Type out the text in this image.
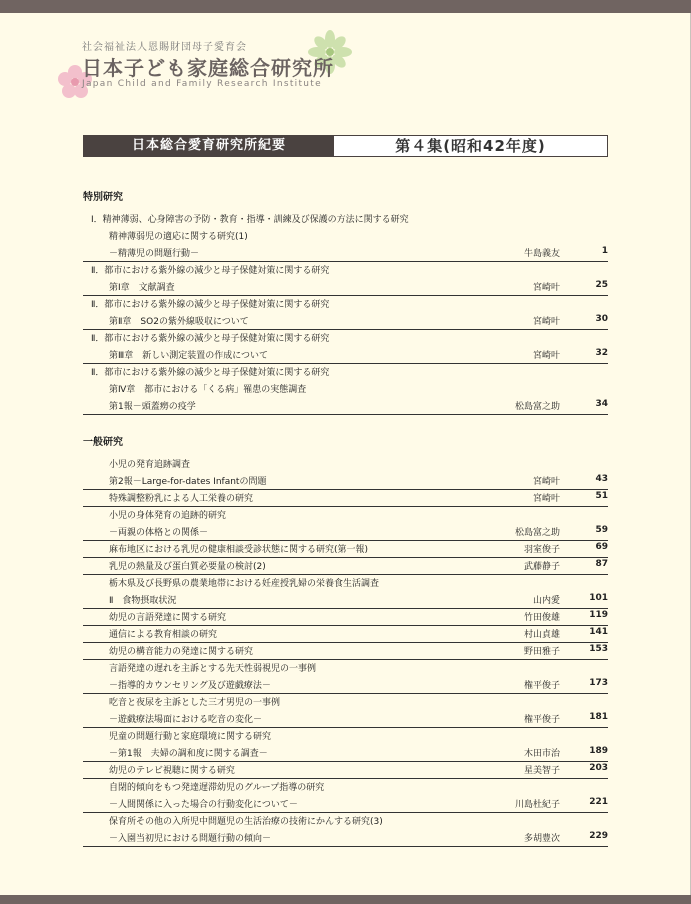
社会福祉法人恩賜財団母子愛育会
日本子ども家庭総合研究所
Japan Child and Family Research Institute
日本総合愛育研究所紀要	第４集(昭和42年度)
特別研究
Ⅰ．精神薄弱、心身障害の予防・教育・指導・訓練及び保護の方法に関する研究
精神薄弱児の適応に関する研究(1)
－精薄児の問題行動－	牛島義友	1
Ⅱ．都市における紫外線の減少と母子保健対策に関する研究
第Ⅰ章　文献調査	宮崎叶	25
Ⅱ．都市における紫外線の減少と母子保健対策に関する研究
第Ⅱ章　SO2の紫外線吸収について	宮崎叶	30
Ⅱ．都市における紫外線の減少と母子保健対策に関する研究
第Ⅲ章　新しい測定装置の作成について	宮崎叶	32
Ⅱ．都市における紫外線の減少と母子保健対策に関する研究
第Ⅳ章　都市における「くる病」罹患の実態調査
第1報－頭蓋癆の疫学	松島富之助	34
一般研究
小児の発育追跡調査
第2報－Large-for-dates Infantの問題	宮崎叶	43
特殊調整粉乳による人工栄養の研究	宮崎叶	51
小児の身体発育の追跡的研究
－両親の体格との関係－	松島富之助	59
麻布地区における乳児の健康相談受診状態に関する研究(第一報)	羽室俊子	69
乳児の熱量及び蛋白質必要量の検討(2)	武藤静子	87
栃木県及び長野県の農業地帯における妊産授乳婦の栄養食生活調査
Ⅱ　食物摂取状況	山内愛	101
幼児の言語発達に関する研究	竹田俊雄	119
通信による教育相談の研究	村山貞雄	141
幼児の構音能力の発達に関する研究	野田雅子	153
言語発達の遅れを主訴とする先天性弱視児の一事例
－指導的カウンセリング及び遊戯療法－	権平俊子	173
吃音と夜尿を主訴とした三才男児の一事例
－遊戯療法場面における吃音の変化－	権平俊子	181
児童の問題行動と家庭環境に関する研究
－第1報　夫婦の調和度に関する調査－	木田市治	189
幼児のテレビ視聴に関する研究	星美智子	203
自閉的傾向をもつ発達遅滞幼児のグループ指導の研究
－人間関係に入った場合の行動変化について－	川島杜紀子	221
保育所その他の入所児中問題児の生活治療の技術にかんする研究(3)
－入園当初児における問題行動の傾向－	多胡豊次	229
